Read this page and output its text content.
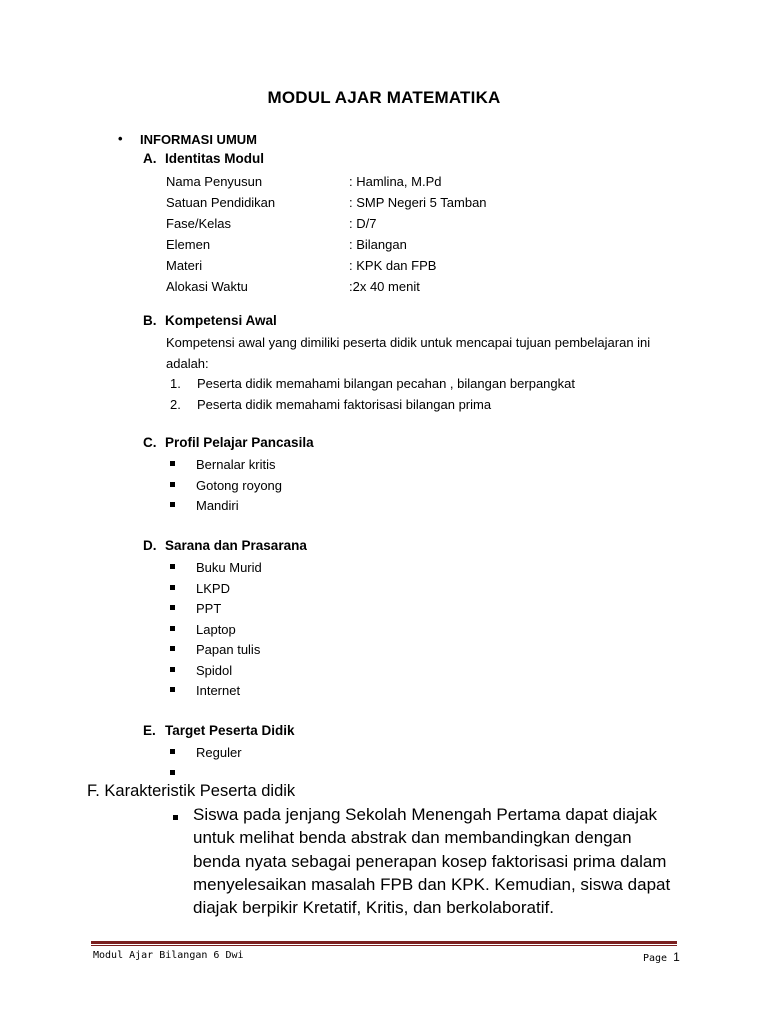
MODUL AJAR MATEMATIKA
• INFORMASI UMUM
A. Identitas Modul
Nama Penyusun	: Hamlina, M.Pd
Satuan Pendidikan	: SMP Negeri 5 Tamban
Fase/Kelas	: D/7
Elemen	: Bilangan
Materi	: KPK dan FPB
Alokasi Waktu	:2x 40 menit
B. Kompetensi Awal
Kompetensi awal yang dimiliki peserta didik untuk mencapai tujuan pembelajaran ini adalah:
1. Peserta didik memahami bilangan pecahan , bilangan berpangkat
2. Peserta didik memahami faktorisasi bilangan prima
C. Profil Pelajar Pancasila
Bernalar kritis
Gotong royong
Mandiri
D. Sarana dan Prasarana
Buku Murid
LKPD
PPT
Laptop
Papan tulis
Spidol
Internet
E. Target Peserta Didik
Reguler
F. Karakteristik Peserta didik
Siswa pada jenjang Sekolah Menengah Pertama dapat diajak untuk melihat benda abstrak dan membandingkan dengan benda nyata sebagai penerapan kosep faktorisasi prima dalam menyelesaikan masalah FPB dan KPK. Kemudian, siswa dapat diajak berpikir Kretatif, Kritis, dan berkolaboratif.
Modul Ajar Bilangan 6 Dwi	Page 1
